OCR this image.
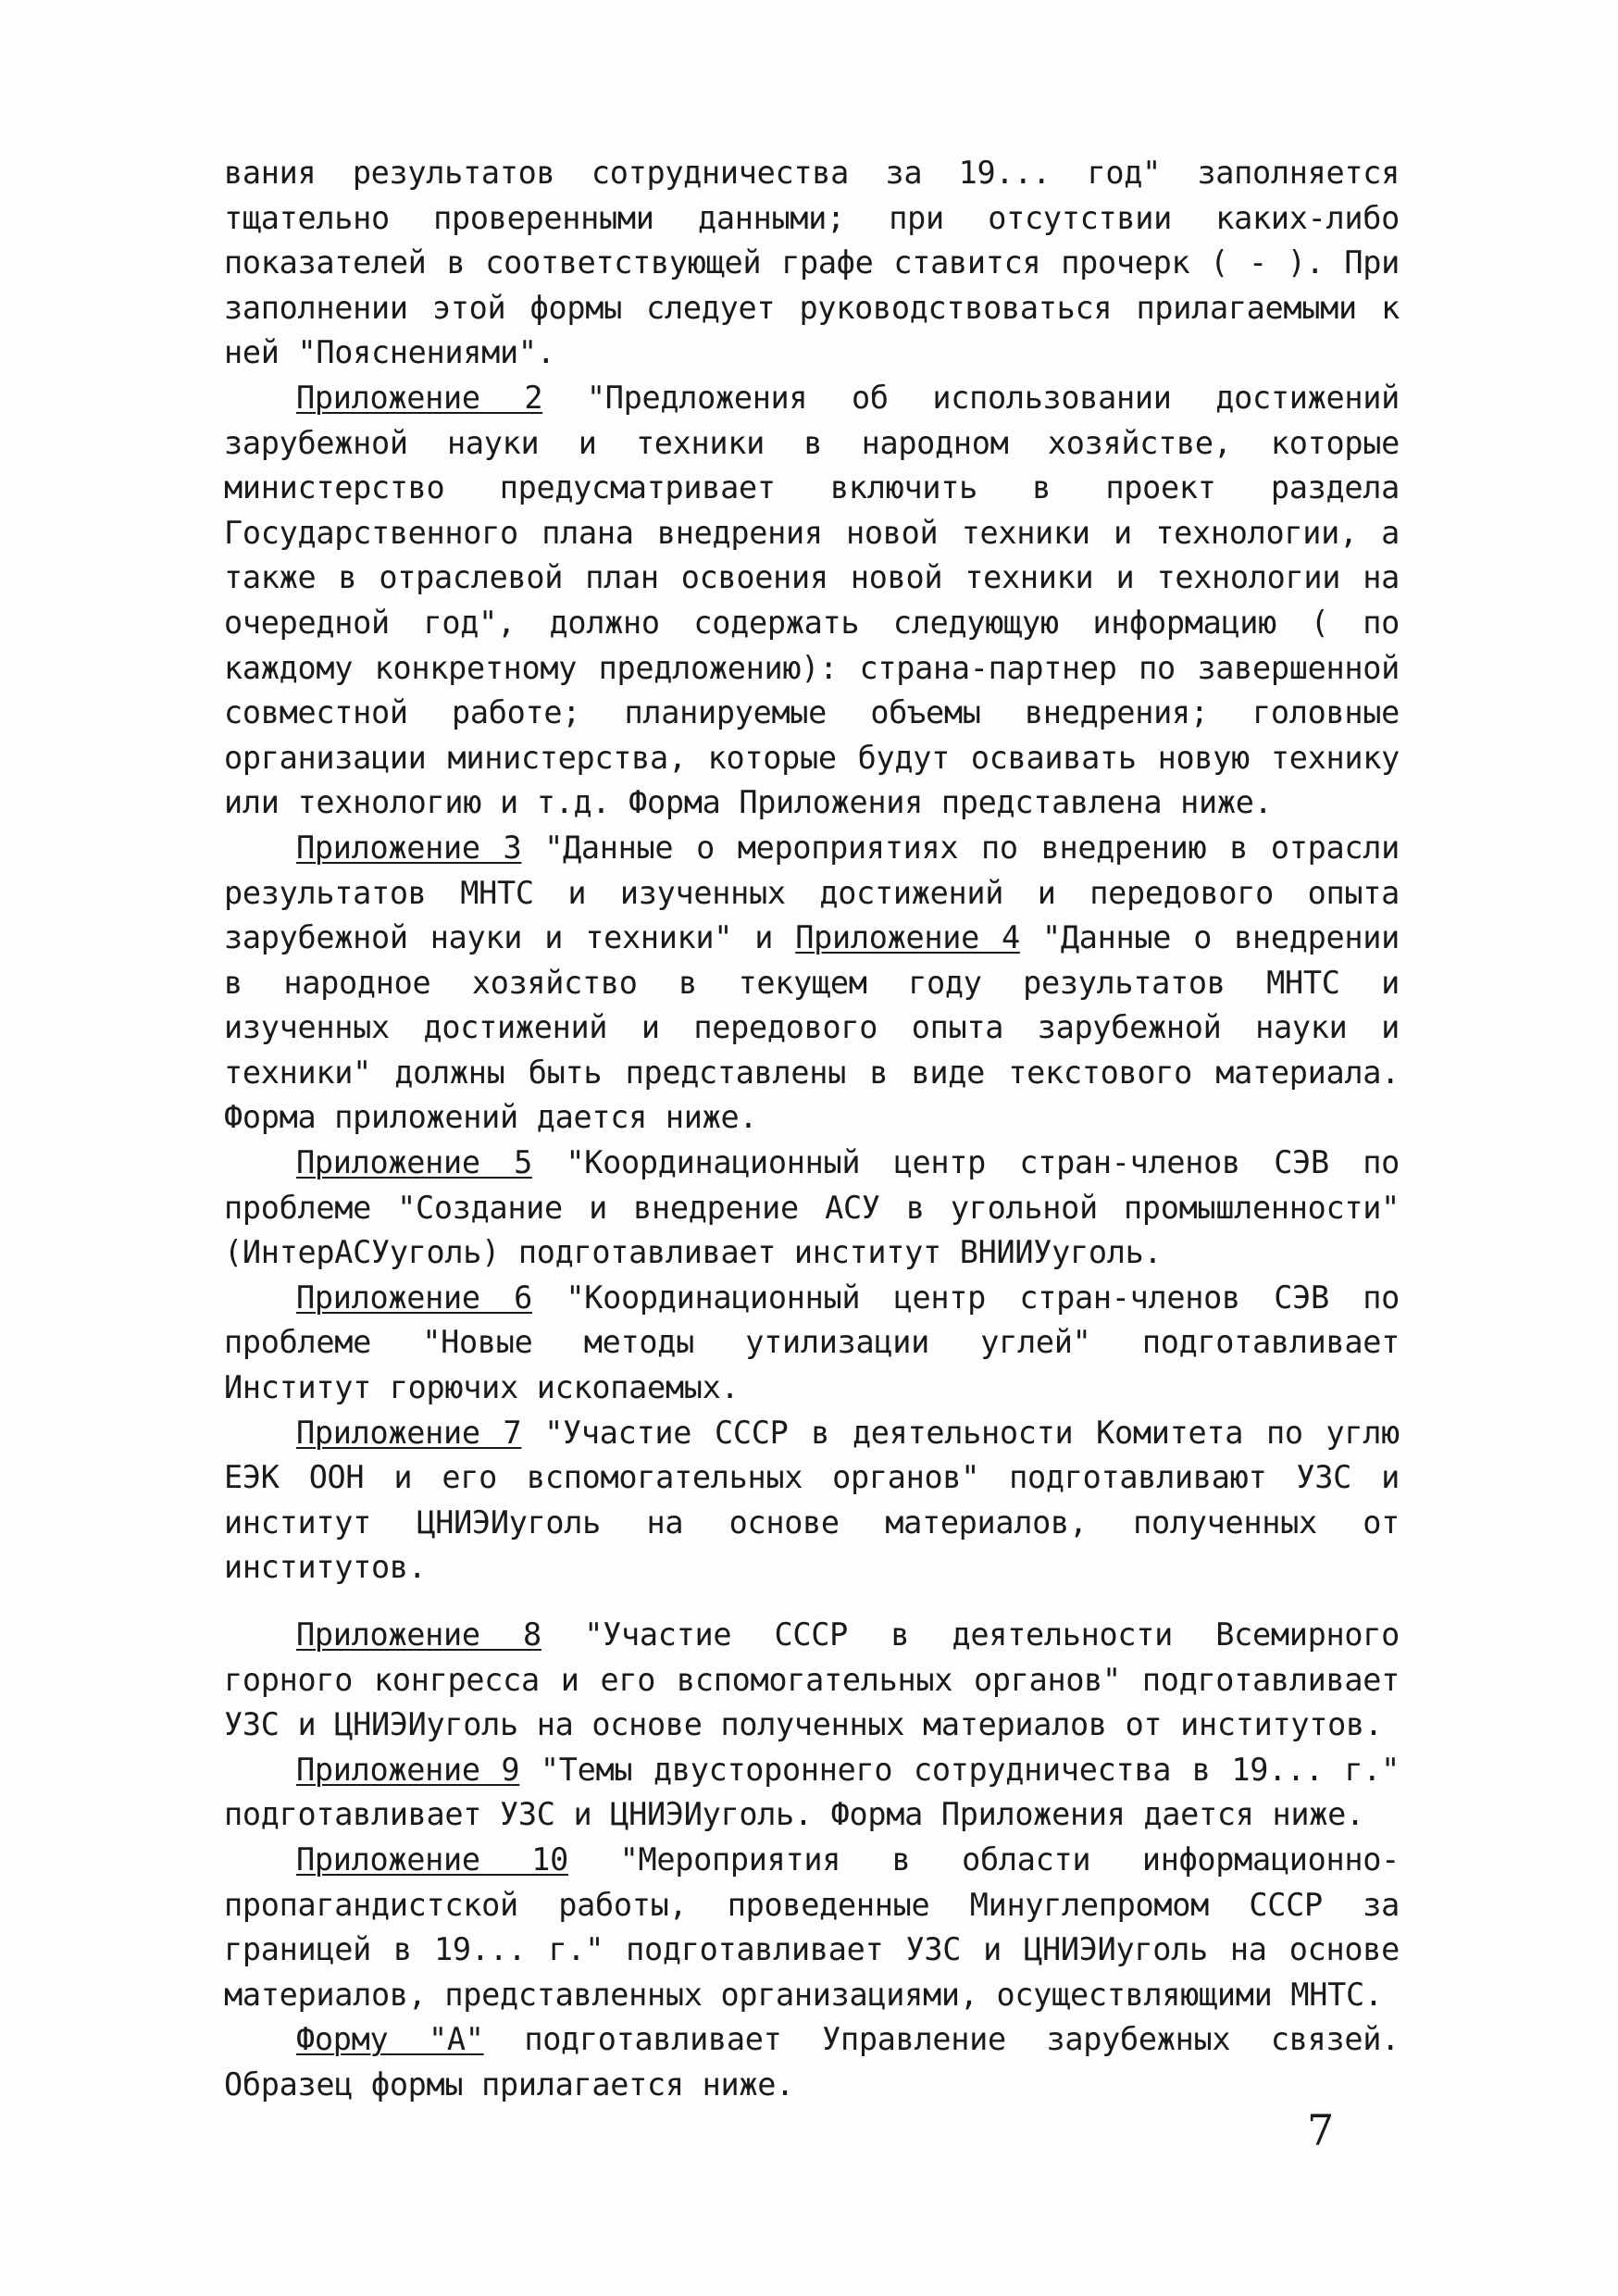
вания результатов сотрудничества за 19... год" заполняется тщательно проверенными данными; при отсутствии каких-либо показателей в соответствующей графе ставится прочерк ( - ). При заполнении этой формы следует руководствоваться прилагаемыми к ней "Пояснениями".

Приложение 2 "Предложения об использовании достижений зарубежной науки и техники в народном хозяйстве, которые министерство предусматривает включить в проект раздела Государственного плана внедрения новой техники и технологии, а также в отраслевой план освоения новой техники и технологии на очередной год", должно содержать следующую информацию ( по каждому конкретному предложению): страна-партнер по завершенной совместной работе; планируемые объемы внедрения; головные организации министерства, которые будут осваивать новую технику или технологию и т.д. Форма Приложения представлена ниже.

Приложение 3 "Данные о мероприятиях по внедрению в отрасли результатов МНТС и изученных достижений и передового опыта зарубежной науки и техники" и Приложение 4 "Данные о внедрении в народное хозяйство в текущем году результатов МНТС и изученных достижений и передового опыта зарубежной науки и техники" должны быть представлены в виде текстового материала. Форма приложений дается ниже.

Приложение 5 "Координационный центр стран-членов СЭВ по проблеме "Создание и внедрение АСУ в угольной промышленности" (ИнтерАСУуголь) подготавливает институт ВНИИУуголь.

Приложение 6 "Координационный центр стран-членов СЭВ по проблеме "Новые методы утилизации углей" подготавливает Институт горючих ископаемых.

Приложение 7 "Участие СССР в деятельности Комитета по углю ЕЭК ООН и его вспомогательных органов" подготавливают УЗС и институт ЦНИЭИуголь на основе материалов, полученных от институтов.

Приложение 8 "Участие СССР в деятельности Всемирного горного конгресса и его вспомогательных органов" подготавливает УЗС и ЦНИЭИуголь на основе полученных материалов от институтов.

Приложение 9 "Темы двустороннего сотрудничества в 19... г." подготавливает УЗС и ЦНИЭИуголь. Форма Приложения дается ниже.

Приложение 10 "Мероприятия в области информационно-пропагандистской работы, проведенные Минуглепромом СССР за границей в 19... г." подготавливает УЗС и ЦНИЭИуголь на основе материалов, представленных организациями, осуществляющими МНТС.

Форму "А" подготавливает Управление зарубежных связей. Образец формы прилагается ниже.

7
